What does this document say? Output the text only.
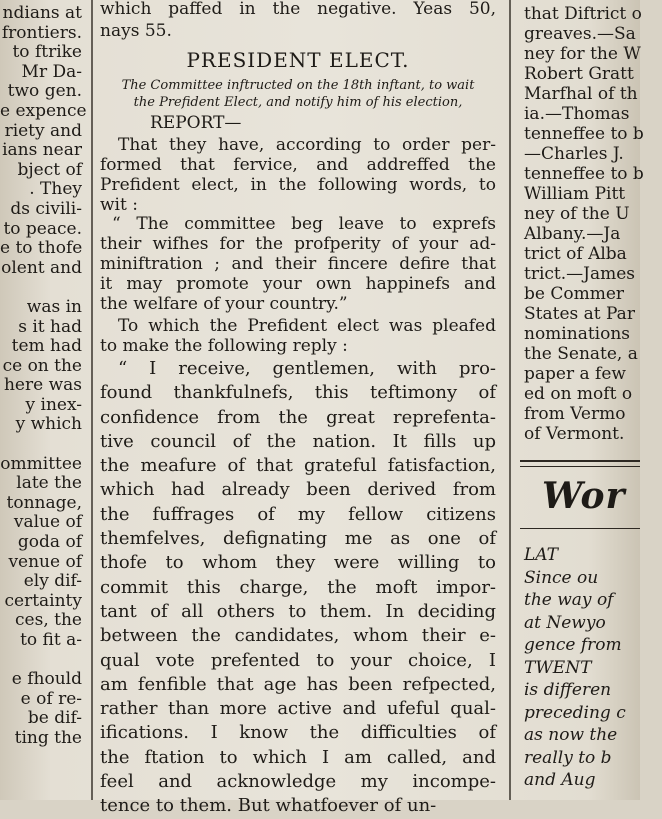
ndians at
frontiers.
to ftrike
Mr Da-
two gen.
e expence
riety and
ians near
bject of
. They
ds civili-
to peace.
e to thofe
olent and

was in
s it had
tem had
ce on the
here was
y inex-
y which

ommittee
late the
tonnage,
value of
goda of
venue of
ely dif-
certainty
ces, the
to fit a-

e fhould
e of re-
be dif-
ting the
which paffed in the negative. Yeas 50,
nays 55.
PRESIDENT ELECT.
The Committee inftructed on the 18th inftant, to wait
the Prefident Elect, and notify him of his election,
REPORT—
That they have, according to order per-
formed that fervice, and addreffed the
Prefident elect, in the following words, to
wit :
“ The committee beg leave to exprefs
their wifhes for the profperity of your ad-
miniftration ; and their fincere defire that
it may promote your own happinefs and
the welfare of your country.”
To which the Prefident elect was pleafed
to make the following reply :
“ I receive, gentlemen, with pro-
found thankfulnefs, this teftimony of
confidence from the great reprefenta-
tive council of the nation. It fills up
the meafure of that grateful fatisfaction,
which had already been derived from
the fuffrages of my fellow citizens
themfelves, defignating me as one of
thofe to whom they were willing to
commit this charge, the moft impor-
tant of all others to them. In deciding
between the candidates, whom their e-
qual vote prefented to your choice, I
am fenfible that age has been refpected,
rather than more active and ufeful qual-
ifications. I know the difficulties of
the ftation to which I am called, and
feel and acknowledge my incompe-
tence to them. But whatfoever of un-
that Diftrict o
greaves.—Sa
ney for the W
Robert Gratt
Marfhal of th
ia.—Thomas
tenneffee to b
—Charles J.
tenneffee to b
William Pitt
ney of the U
Albany.—Ja
trict of Alba
trict.—James
be Commer
States at Par
nominations
the Senate, a
paper a few
ed on moft o
from Vermo
of Vermont.
Wor
LAT
Since ou
the way of
at Newyo
gence from
TWENT
is differen
preceding c
as now the
really to b
and Aug
